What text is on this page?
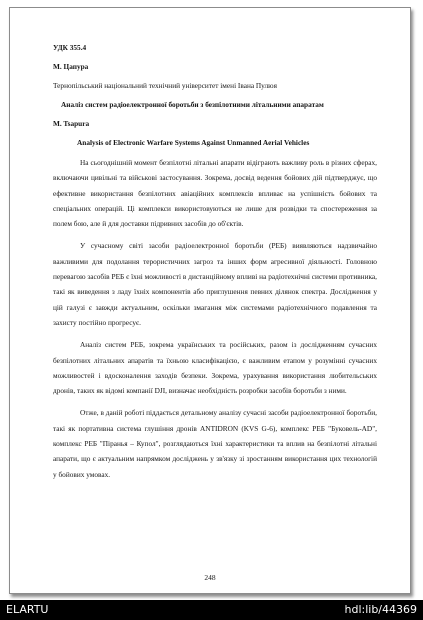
УДК 355.4

М. Цапура

Тернопільський національний технічний університет імені Івана Пулюя

Аналіз систем радіоелектронної боротьби з безпілотними літальними апаратам

M. Tsapura

Analysis of Electronic Warfare Systems Against Unmanned Aerial Vehicles

На сьогоднішній момент безпілотні літальні апарати відіграють важливу роль в різних сферах, включаючи цивільні та військові застосування. Зокрема, досвід ведення бойових дій підтверджує, що ефективне використання безпілотних авіаційних комплексів впливає на успішність бойових та спеціальних операцій. Ці комплекси використовуються не лише для розвідки та спостереження за полем бою, але й для доставки підривних засобів до об'єктів.

У сучасному світі засоби радіоелектронної боротьби (РЕБ) виявляються надзвичайно важливими для подолання терористичних загроз та інших форм агресивної діяльності. Головною перевагою засобів РЕБ є їхні можливості в дистанційному впливі на радіотехнічні системи противника, такі як виведення з ладу їхніх компонентів або приглушення певних ділянок спектра. Дослідження у цій галузі є завжди актуальним, оскільки змагання між системами радіотехнічного подавлення та захисту постійно прогресує.

Аналіз систем РЕБ, зокрема українських та російських, разом із дослідженням сучасних безпілотних літальних апаратів та їхньою класифікацією, є важливим етапом у розумінні сучасних можливостей і вдосконалення заходів безпеки. Зокрема, урахування використання любительських дронів, таких як відомі компанії DJI, визначає необхідність розробки засобів боротьби з ними.

Отже, в даній роботі піддається детальному аналізу сучасні засоби радіоелектронної боротьби, такі як портативна система глушіння дронів ANTIDRON (KVS G-6), комплекс РЕБ "Буковель-AD", комплекс РЕБ "Піранья – Купол", розглядаються їхні характеристики та вплив на безпілотні літальні апарати, що є актуальним напрямком досліджень у зв'язку зі зростанням використання цих технологій у бойових умовах.

248
ELARTU	hdl:lib/44369
